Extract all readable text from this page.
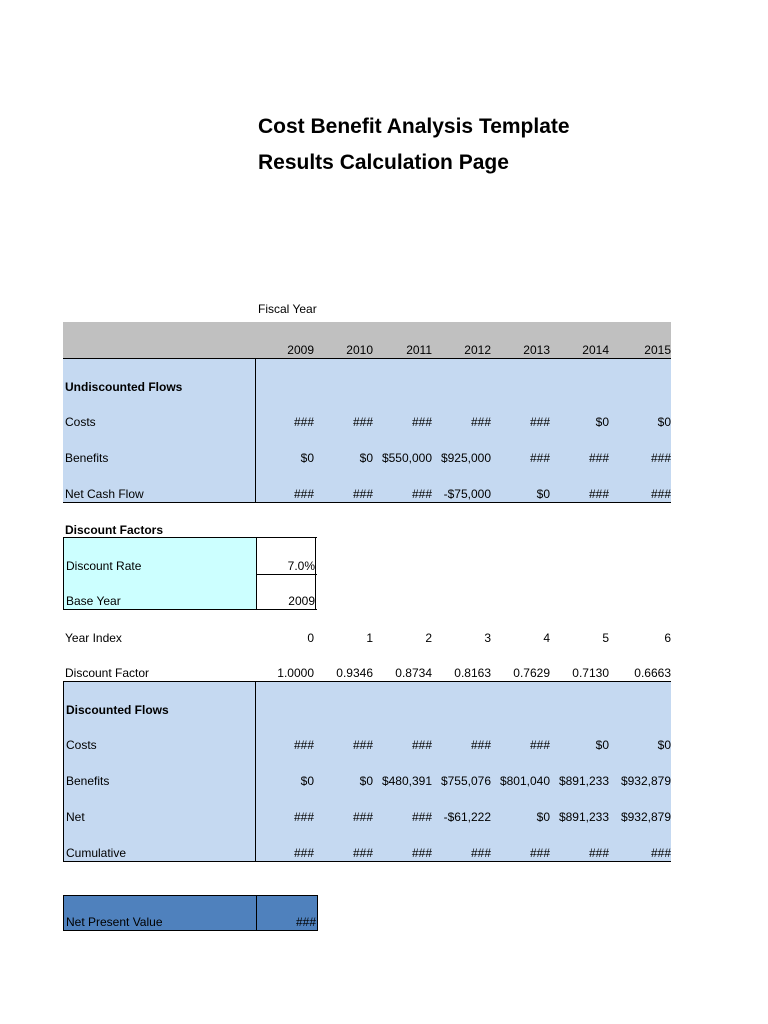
Cost Benefit Analysis Template
Results Calculation Page
Fiscal Year
2009	2010	2011	2012	2013	2014	2015
Undiscounted Flows
Costs	###	###	###	###	###	$0	$0
Benefits	$0	$0 $550,000 $925,000	###	###	###
Net Cash Flow	###	###	### -$75,000	$0	###	###
Discount Factors
Discount Rate	7.0%
Base Year	2009
Year Index	0	1	2	3	4	5	6
Discount Factor	1.0000	0.9346	0.8734	0.8163	0.7629	0.7130	0.6663
Discounted Flows
Costs	###	###	###	###	###	$0	$0
Benefits	$0	$0 $480,391 $755,076 $801,040 $891,233 $932,879
Net	###	###	### -$61,222	$0 $891,233 $932,879
Cumulative	###	###	###	###	###	###	###
Net Present Value	###
